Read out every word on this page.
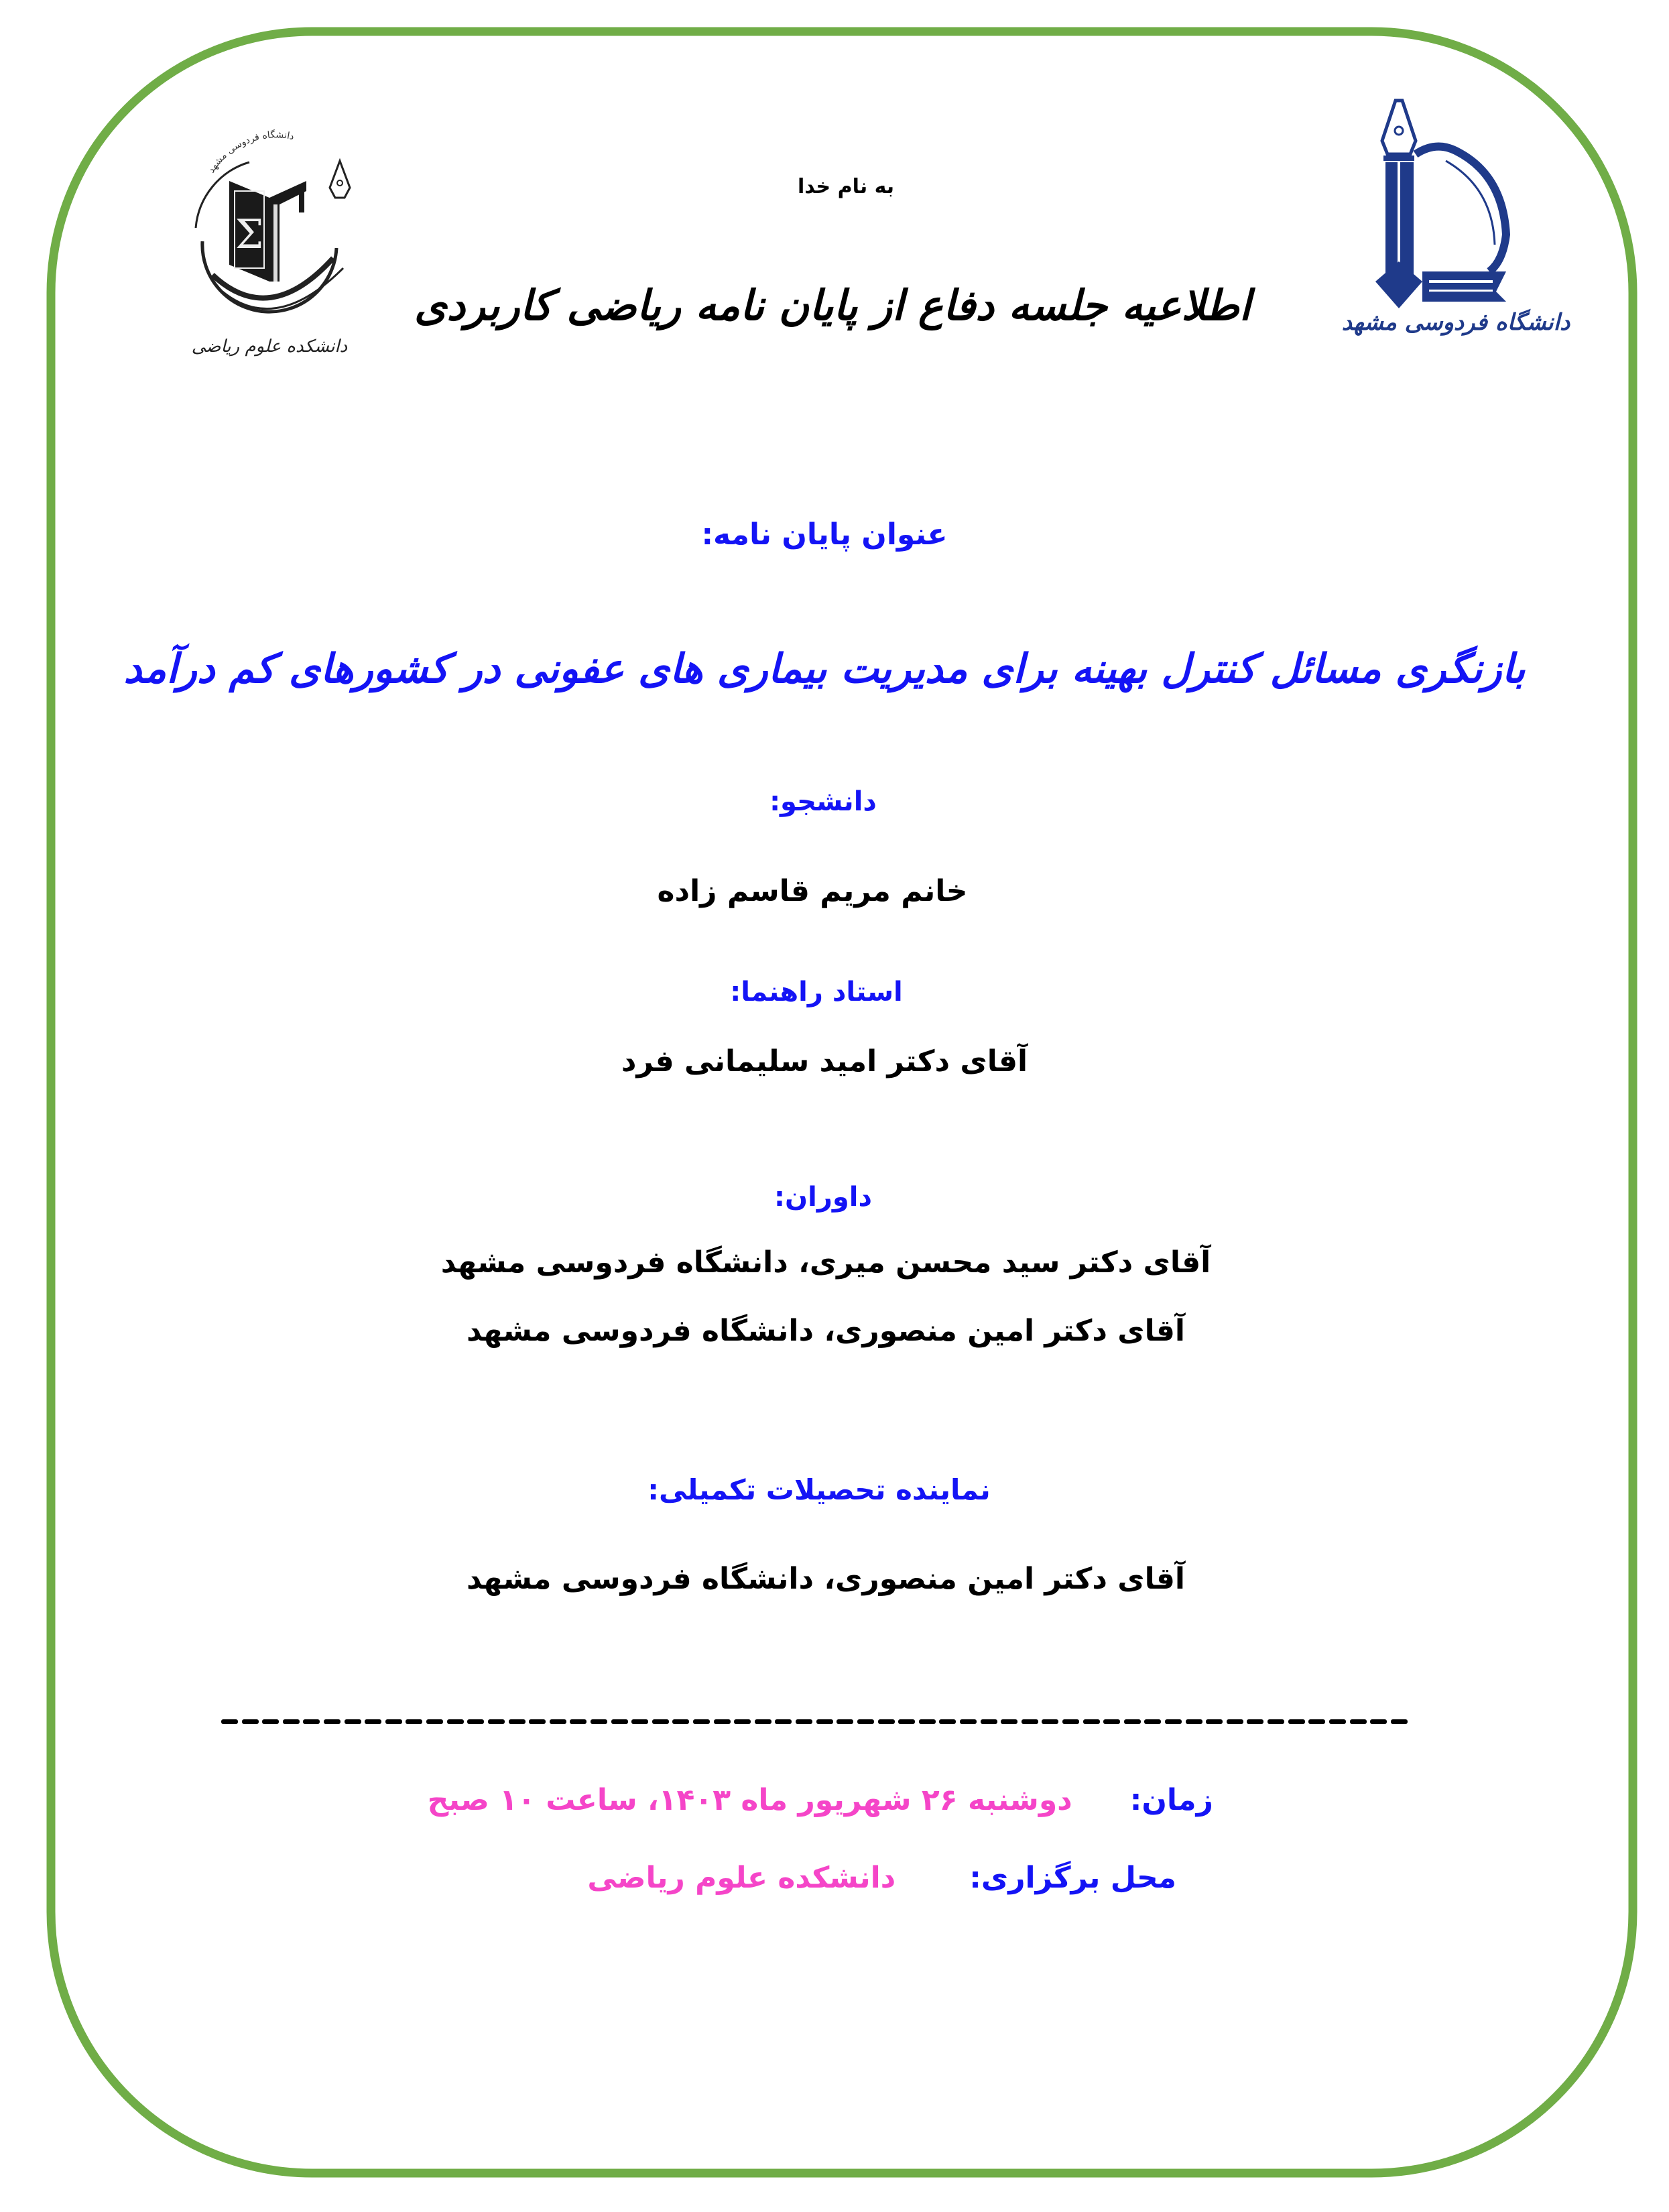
دانشگاه فردوسی مشهد
Σ
دانشکده علوم ریاضی
دانشگاه فردوسی مشهد
به نام خدا
اطلاعیه جلسه دفاع از پایان نامه ریاضی کاربردی
عنوان پایان نامه:
بازنگری مسائل کنترل بهینه برای مدیریت بیماری های عفونی در کشورهای کم درآمد
دانشجو:
خانم مریم قاسم زاده
استاد راهنما:
آقای دکتر امید سلیمانی فرد
داوران:
آقای دکتر سید محسن میری، دانشگاه فردوسی مشهد
آقای دکتر امین منصوری، دانشگاه فردوسی مشهد
نماینده تحصیلات تکمیلی:
آقای دکتر امین منصوری، دانشگاه فردوسی مشهد
زمان:دوشنبه ۲۶ شهریور ماه ۱۴۰۳، ساعت ۱۰ صبح
محل برگزاری:دانشکده علوم ریاضی
